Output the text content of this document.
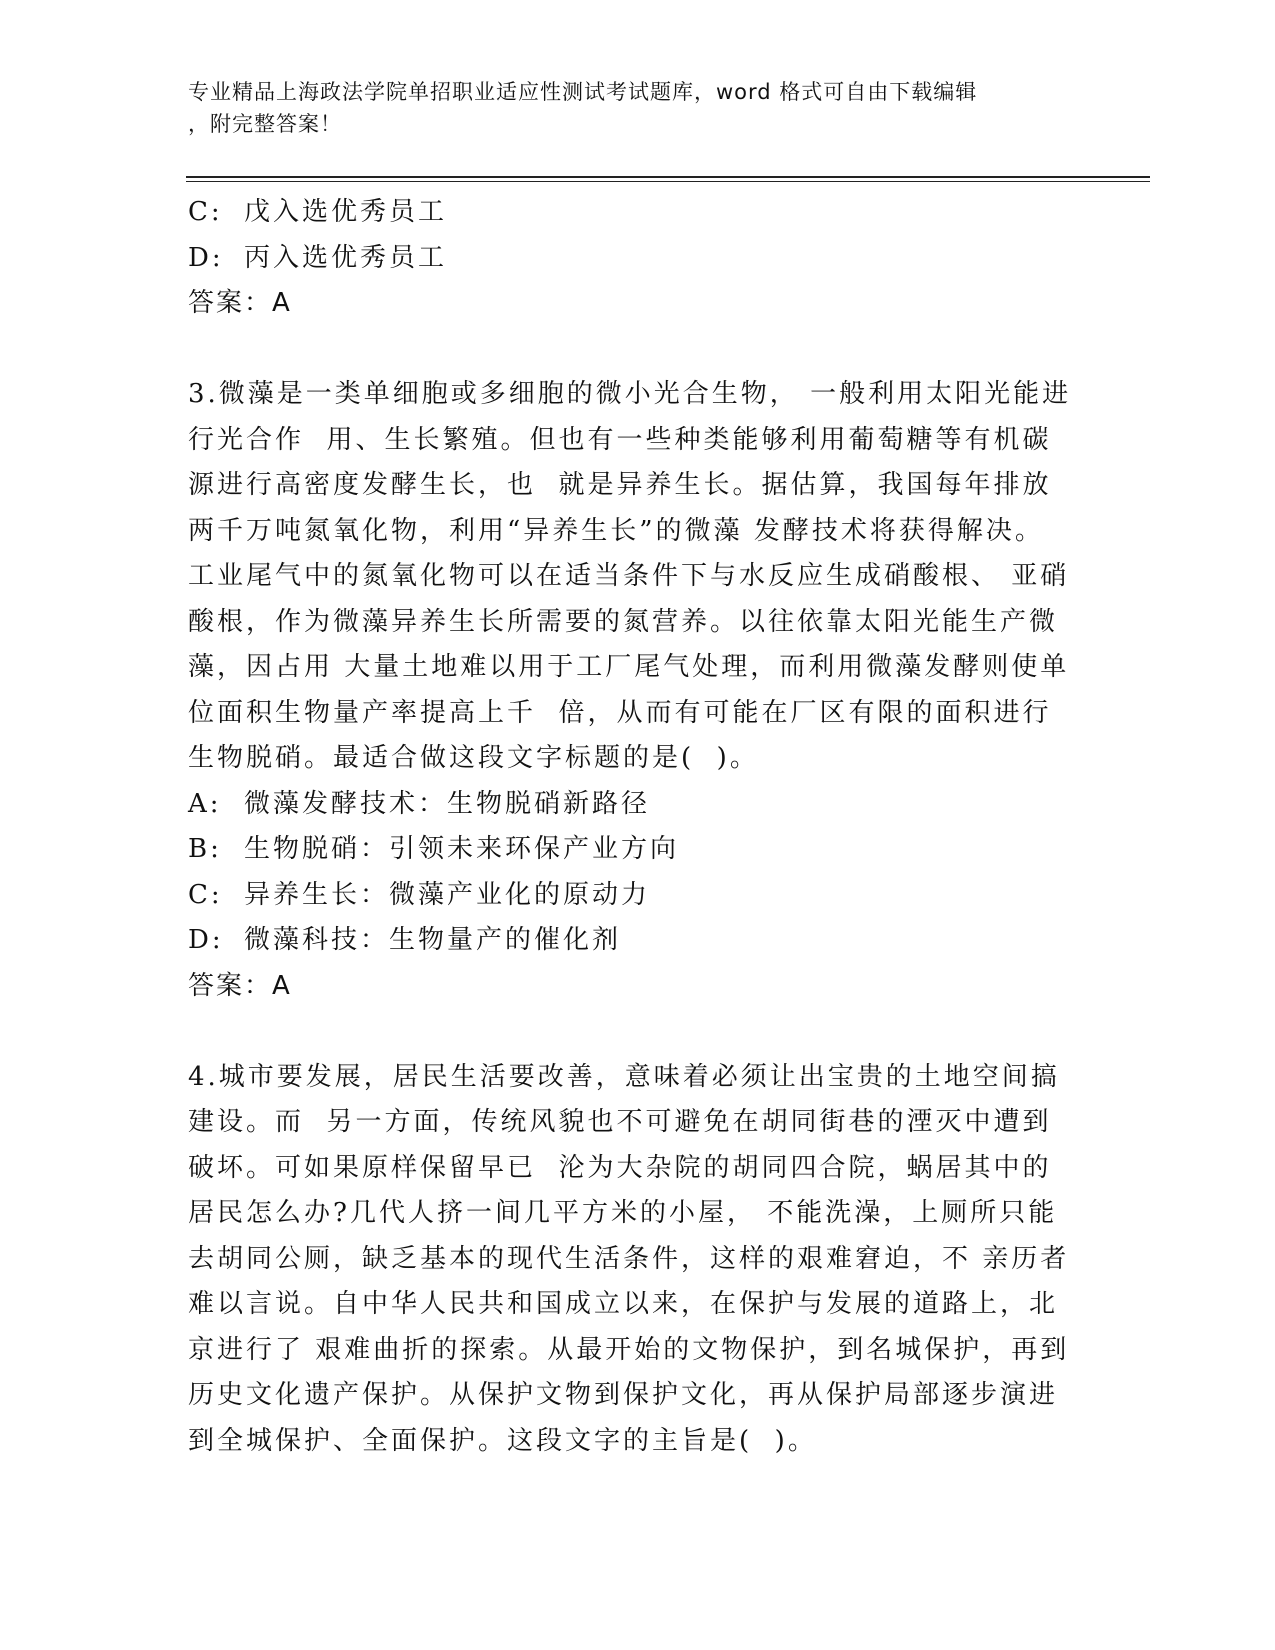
专业精品上海政法学院单招职业适应性测试考试题库，word 格式可自由下载编辑
，附完整答案！
C: 戊入选优秀员工
D: 丙入选优秀员工
答案：A
3.微藻是一类单细胞或多细胞的微小光合生物， 一般利用太阳光能进
行光合作  用、生长繁殖。但也有一些种类能够利用葡萄糖等有机碳
源进行高密度发酵生长，也  就是异养生长。据估算，我国每年排放
两千万吨氮氧化物，利用“异养生长”的微藻 发酵技术将获得解决。
工业尾气中的氮氧化物可以在适当条件下与水反应生成硝酸根、 亚硝
酸根，作为微藻异养生长所需要的氮营养。以往依靠太阳光能生产微
藻，因占用 大量土地难以用于工厂尾气处理，而利用微藻发酵则使单
位面积生物量产率提高上千  倍，从而有可能在厂区有限的面积进行
生物脱硝。最适合做这段文字标题的是(  )。
A: 微藻发酵技术：生物脱硝新路径
B: 生物脱硝：引领未来环保产业方向
C: 异养生长：微藻产业化的原动力
D: 微藻科技：生物量产的催化剂
答案：A
4.城市要发展，居民生活要改善，意味着必须让出宝贵的土地空间搞
建设。而  另一方面，传统风貌也不可避免在胡同街巷的湮灭中遭到
破坏。可如果原样保留早已  沦为大杂院的胡同四合院，蜗居其中的
居民怎么办?几代人挤一间几平方米的小屋， 不能洗澡，上厕所只能
去胡同公厕，缺乏基本的现代生活条件，这样的艰难窘迫，不 亲历者
难以言说。自中华人民共和国成立以来，在保护与发展的道路上，北
京进行了 艰难曲折的探索。从最开始的文物保护，到名城保护，再到
历史文化遗产保护。从保护文物到保护文化，再从保护局部逐步演进
到全城保护、全面保护。这段文字的主旨是(  )。
